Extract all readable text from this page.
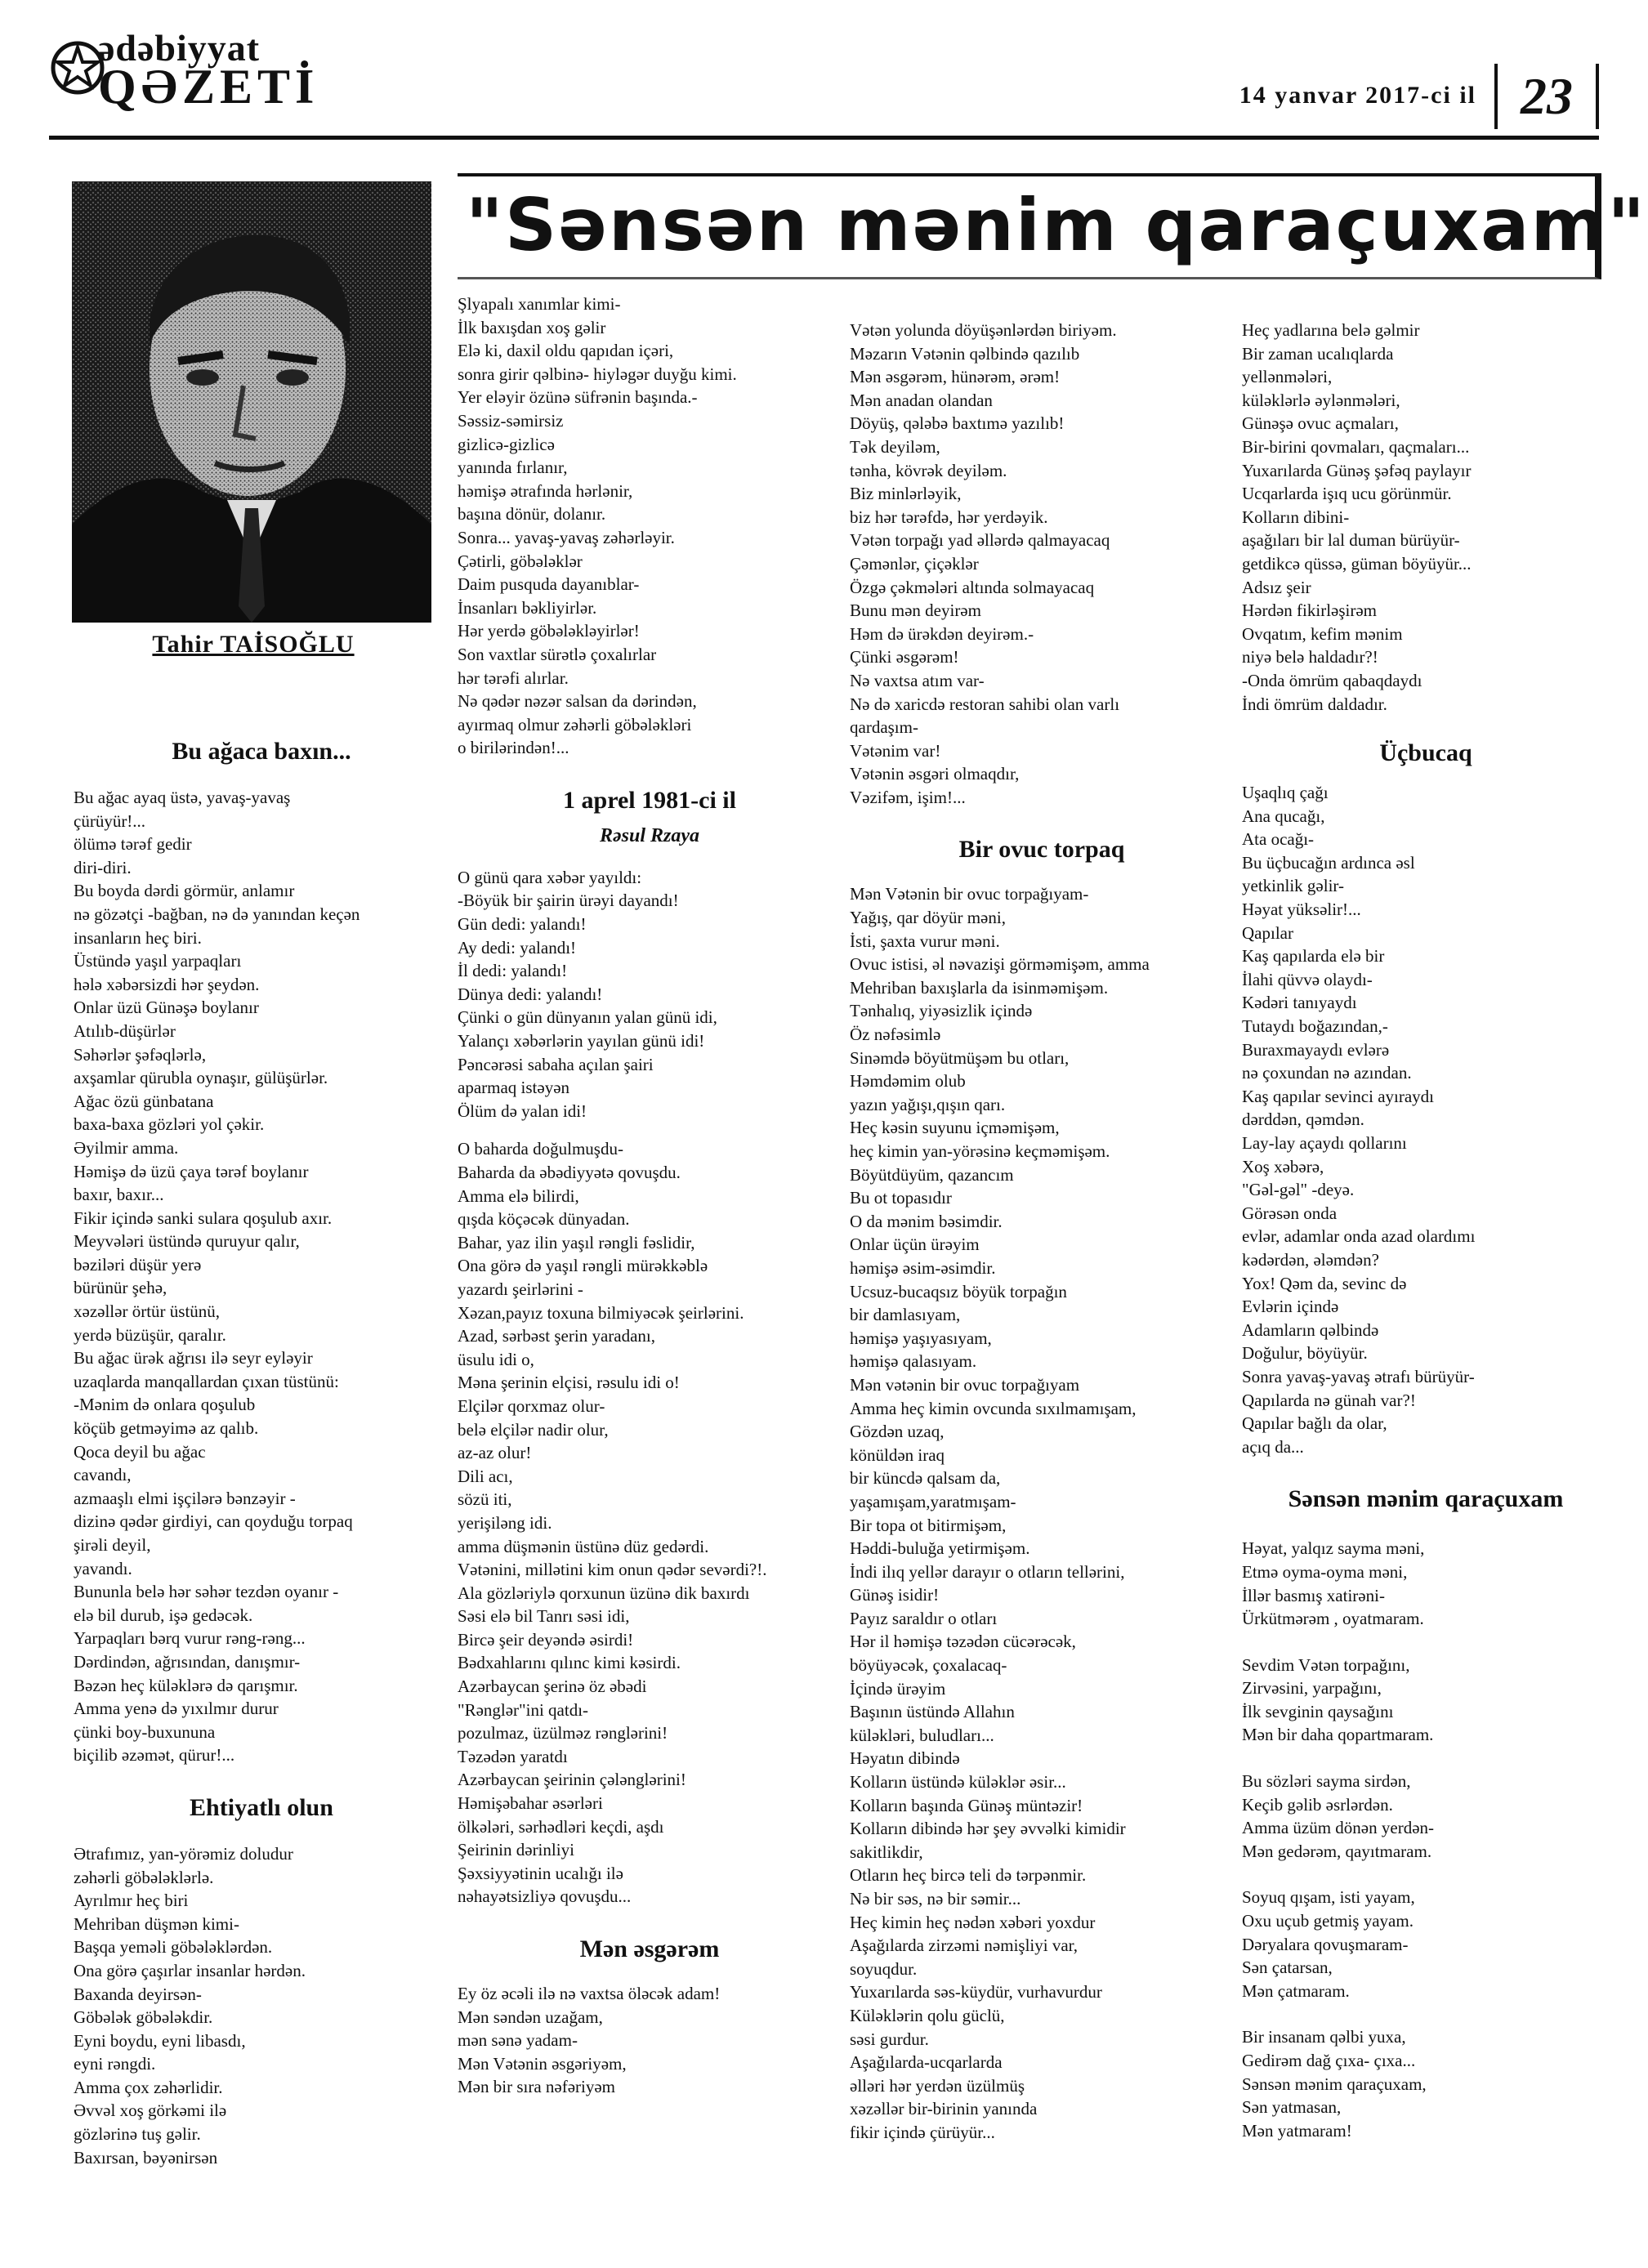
ədəbiyyat
QƏZETİ	14 yanvar 2017-ci il 23
Tahir TAİSOĞLU
"Sənsən mənim qaraçuxam"

Bu ağaca baxın...

Bu ağac ayaq üstə, yavaş-yavaş

çürüyür!...

ölümə tərəf gedir

diri-diri.

Bu boyda dərdi görmür, anlamır

nə gözətçi -bağban, nə də yanından keçən

insanların heç biri.

Üstündə yaşıl yarpaqları

hələ xəbərsizdi hər şeydən.

Onlar üzü Günəşə boylanır

Atılıb-düşürlər

Səhərlər şəfəqlərlə,

axşamlar qürubla oynaşır, gülüşürlər.

Ağac özü günbatana

baxa-baxa gözləri yol çəkir.

Əyilmir amma.

Həmişə də üzü çaya tərəf boylanır

baxır, baxır...

Fikir içində sanki sulara qoşulub axır.

Meyvələri üstündə quruyur qalır,

bəziləri düşür yerə

bürünür şehə,

xəzəllər örtür üstünü,

yerdə büzüşür, qaralır.

Bu ağac ürək ağrısı ilə seyr eyləyir

uzaqlarda manqallardan çıxan tüstünü:

-Mənim də onlara qoşulub

köçüb getməyimə az qalıb.

Qoca deyil bu ağac

cavandı,

azmaaşlı elmi işçilərə bənzəyir -

dizinə qədər girdiyi, can qoyduğu torpaq

şirəli deyil,

yavandı.

Bununla belə hər səhər tezdən oyanır -

elə bil durub, işə gedəcək.

Yarpaqları bərq vurur rəng-rəng...

Dərdindən, ağrısından, danışmır-

Bəzən heç küləklərə də qarışmır.

Amma yenə də yıxılmır durur

çünki boy-buxununa

biçilib əzəmət, qürur!...

Ehtiyatlı olun

Ətrafımız, yan-yörəmiz doludur

zəhərli göbələklərlə.

Ayrılmır heç biri

Mehriban düşmən kimi-

Başqa yeməli göbələklərdən.

Ona görə çaşırlar insanlar hərdən.

Baxanda deyirsən-

Göbələk göbələkdir.

Eyni boydu, eyni libasdı,

eyni rəngdi.

Amma çox zəhərlidir.

Əvvəl xoş görkəmi ilə

gözlərinə tuş gəlir.

Baxırsan, bəyənirsən

Şlyapalı xanımlar kimi-

İlk baxışdan xoş gəlir

Elə ki, daxil oldu qapıdan içəri,

sonra girir qəlbinə- hiyləgər duyğu kimi.

Yer eləyir özünə süfrənin başında.-

Səssiz-səmirsiz

gizlicə-gizlicə

yanında fırlanır,

həmişə ətrafında hərlənir,

başına dönür, dolanır.

Sonra... yavaş-yavaş zəhərləyir.

Çətirli, göbələklər

Daim pusquda dayanıblar-

İnsanları bəkliyirlər.

Hər yerdə göbələkləyirlər!

Son vaxtlar sürətlə çoxalırlar

hər tərəfi alırlar.

Nə qədər nəzər salsan da dərindən,

ayırmaq olmur zəhərli göbələkləri

o birilərindən!...

1 aprel 1981-ci il

Rəsul Rzaya

O günü qara xəbər yayıldı:

-Böyük bir şairin ürəyi dayandı!

Gün dedi: yalandı!

Ay dedi: yalandı!

İl dedi: yalandı!

Dünya dedi: yalandı!

Çünki o gün dünyanın yalan günü idi,

Yalançı xəbərlərin yayılan günü idi!

Pəncərəsi sabaha açılan şairi

aparmaq istəyən

Ölüm də yalan idi!

O baharda doğulmuşdu-

Baharda da əbədiyyətə qovuşdu.

Amma elə bilirdi,

qışda köçəcək dünyadan.

Bahar, yaz ilin yaşıl rəngli fəslidir,

Ona görə də yaşıl rəngli mürəkkəblə

yazardı şeirlərini -

Xəzan,payız toxuna bilmiyəcək şeirlərini.

Azad, sərbəst şerin yaradanı,

üsulu idi o,

Məna şerinin elçisi, rəsulu idi o!

Elçilər qorxmaz olur-

belə elçilər nadir olur,

az-az olur!

Dili acı,

sözü iti,

yerişiləng idi.

amma düşmənin üstünə düz gedərdi.

Vətənini, millətini kim onun qədər sevərdi?!.

Ala gözləriylə qorxunun üzünə dik baxırdı

Səsi elə bil Tanrı səsi idi,

Bircə şeir deyəndə əsirdi!

Bədxahlarını qılınc kimi kəsirdi.

Azərbaycan şerinə öz əbədi

"Rənglər"ini qatdı-

pozulmaz, üzülməz rənglərini!

Təzədən yaratdı

Azərbaycan şeirinin çələnglərini!

Həmişəbahar əsərləri

ölkələri, sərhədləri keçdi, aşdı

Şeirinin dərinliyi

Şəxsiyyətinin ucalığı ilə

nəhayətsizliyə qovuşdu...

Mən əsgərəm

Ey öz əcəli ilə nə vaxtsa öləcək adam!

Mən səndən uzağam,

mən sənə yadam-

Mən Vətənin əsgəriyəm,

Mən bir sıra nəfəriyəm

Vətən yolunda döyüşənlərdən biriyəm.

Məzarın Vətənin qəlbində qazılıb

Mən əsgərəm, hünərəm, ərəm!

Mən anadan olandan

Döyüş, qələbə baxtımə yazılıb!

Tək deyiləm,

tənha, kövrək deyiləm.

Biz minlərləyik,

biz hər tərəfdə, hər yerdəyik.

Vətən torpağı yad əllərdə qalmayacaq

Çəmənlər, çiçəklər

Özgə çəkmələri altında solmayacaq

Bunu mən deyirəm

Həm də ürəkdən deyirəm.-

Çünki əsgərəm!

Nə vaxtsa atım var-

Nə də xaricdə restoran sahibi olan varlı

qardaşım-

Vətənim var!

Vətənin əsgəri olmaqdır,

Vəzifəm, işim!...

Bir ovuc torpaq

Mən Vətənin bir ovuc torpağıyam-

Yağış, qar döyür məni,

İsti, şaxta vurur məni.

Ovuc istisi, əl nəvazişi görməmişəm, amma

Mehriban baxışlarla da isinməmişəm.

Tənhalıq, yiyəsizlik içində

Öz nəfəsimlə

Sinəmdə böyütmüşəm bu otları,

Həmdəmim olub

yazın yağışı,qışın qarı.

Heç kəsin suyunu içməmişəm,

heç kimin yan-yörəsinə keçməmişəm.

Böyütdüyüm, qazancım

Bu ot topasıdır

O da mənim bəsimdir.

Onlar üçün ürəyim

həmişə əsim-əsimdir.

Ucsuz-bucaqsız böyük torpağın

bir damlasıyam,

həmişə yaşıyasıyam,

həmişə qalasıyam.

Mən vətənin bir ovuc torpağıyam

Amma heç kimin ovcunda sıxılmamışam,

Gözdən uzaq,

könüldən iraq

bir küncdə qalsam da,

yaşamışam,yaratmışam-

Bir topa ot bitirmişəm,

Həddi-buluğa yetirmişəm.

İndi ilıq yellər darayır o otların tellərini,

Günəş isidir!

Payız saraldır o otları

Hər il həmişə təzədən cücərəcək,

böyüyəcək, çoxalacaq-

İçində ürəyim

Başının üstündə Allahın

küləkləri, buludları...

Həyatın dibində

Kolların üstündə küləklər əsir...

Kolların başında Günəş müntəzir!

Kolların dibində hər şey əvvəlki kimidir

sakitlikdir,

Otların heç bircə teli də tərpənmir.

Nə bir səs, nə bir səmir...

Heç kimin heç nədən xəbəri yoxdur

Aşağılarda zirzəmi nəmişliyi var,

soyuqdur.

Yuxarılarda səs-küydür, vurhavurdur

Küləklərin qolu güclü,

səsi gurdur.

Aşağılarda-ucqarlarda

əlləri hər yerdən üzülmüş

xəzəllər bir-birinin yanında

fikir içində çürüyür...

Heç yadlarına belə gəlmir

Bir zaman ucalıqlarda

yellənmələri,

küləklərlə əylənmələri,

Günəşə ovuc açmaları,

Bir-birini qovmaları, qaçmaları...

Yuxarılarda Günəş şəfəq paylayır

Ucqarlarda işıq ucu görünmür.

Kolların dibini-

aşağıları bir lal duman bürüyür-

getdikcə qüssə, güman böyüyür...

Adsız şeir

Hərdən fikirləşirəm

Ovqatım, kefim mənim

niyə belə haldadır?!

-Onda ömrüm qabaqdaydı

İndi ömrüm daldadır.

Üçbucaq

Uşaqlıq çağı

Ana qucağı,

Ata ocağı-

Bu üçbucağın ardınca əsl

yetkinlik gəlir-

Həyat yüksəlir!...

Qapılar

Kaş qapılarda elə bir

İlahi qüvvə olaydı-

Kədəri tanıyaydı

Tutaydı boğazından,-

Buraxmayaydı evlərə

nə çoxundan nə azından.

Kaş qapılar sevinci ayıraydı

dərddən, qəmdən.

Lay-lay açaydı qollarını

Xoş xəbərə,

"Gəl-gəl" -deyə.

Görəsən onda

evlər, adamlar onda azad olardımı

kədərdən, ələmdən?

Yox! Qəm da, sevinc də

Evlərin içində

Adamların qəlbində

Doğulur, böyüyür.

Sonra yavaş-yavaş ətrafı bürüyür-

Qapılarda nə günah var?!

Qapılar bağlı da olar,

açıq da...

Sənsən mənim qaraçuxam

Həyat, yalqız sayma məni,

Etmə oyma-oyma məni,

İllər basmış xatirəni-

Ürkütmərəm , oyatmaram.

Sevdim Vətən torpağını,

Zirvəsini, yarpağını,

İlk sevginin qaysağını

Mən bir daha qopartmaram.

Bu sözləri sayma sirdən,

Keçib gəlib əsrlərdən.

Amma üzüm dönən yerdən-

Mən gedərəm, qayıtmaram.

Soyuq qışam, isti yayam,

Oxu uçub getmiş yayam.

Dəryalara qovuşmaram-

Sən çatarsan,

Mən çatmaram.

Bir insanam qəlbi yuxa,

Gedirəm dağ çıxa- çıxa...

Sənsən mənim qaraçuxam,

Sən yatmasan,

Mən yatmaram!
